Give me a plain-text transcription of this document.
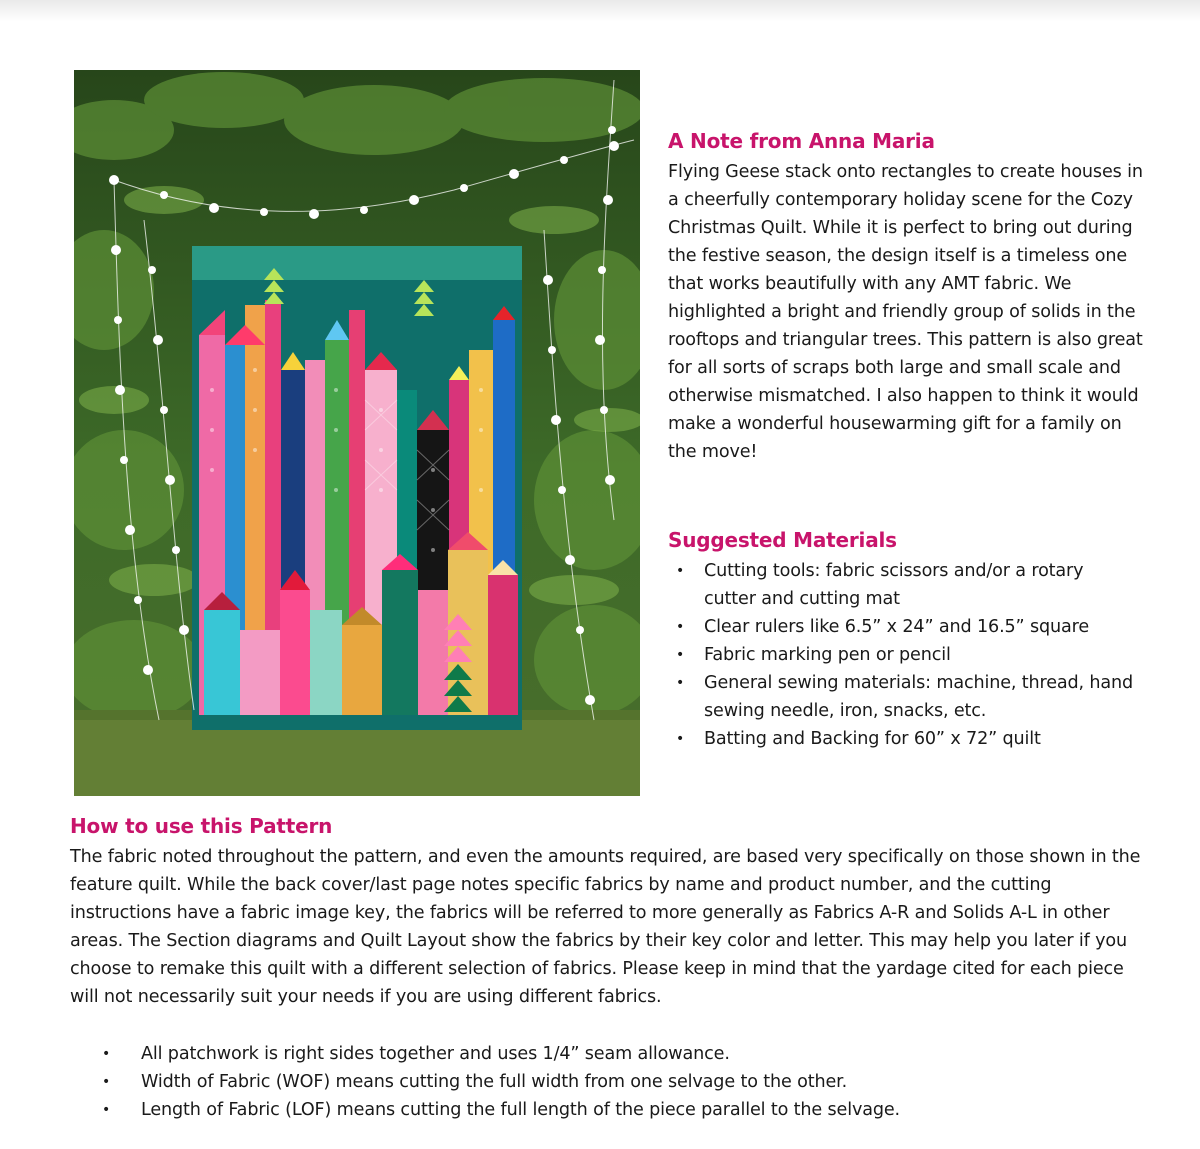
A Note from Anna Maria

Flying Geese stack onto rectangles to create houses in a cheerfully contemporary holiday scene for the Cozy Christmas Quilt. While it is perfect to bring out during the festive season, the design itself is a timeless one that works beautifully with any AMT fabric. We highlighted a bright and friendly group of solids in the rooftops and triangular trees. This pattern is also great for all sorts of scraps both large and small scale and otherwise mismatched. I also happen to think it would make a wonderful housewarming gift for a family on the move!

Suggested Materials
• Cutting tools: fabric scissors and/or a rotary cutter and cutting mat
• Clear rulers like 6.5” x 24” and 16.5” square
• Fabric marking pen or pencil
• General sewing materials: machine, thread, hand sewing needle, iron, snacks, etc.
• Batting and Backing for 60” x 72” quilt
How to use this Pattern

The fabric noted throughout the pattern, and even the amounts required, are based very specifically on those shown in the feature quilt. While the back cover/last page notes specific fabrics by name and product number, and the cutting instructions have a fabric image key, the fabrics will be referred to more generally as Fabrics A-R and Solids A-L in other areas. The Section diagrams and Quilt Layout show the fabrics by their key color and letter. This may help you later if you choose to remake this quilt with a different selection of fabrics. Please keep in mind that the yardage cited for each piece will not necessarily suit your needs if you are using different fabrics.

• All patchwork is right sides together and uses 1/4” seam allowance.
• Width of Fabric (WOF) means cutting the full width from one selvage to the other.
• Length of Fabric (LOF) means cutting the full length of the piece parallel to the selvage.
